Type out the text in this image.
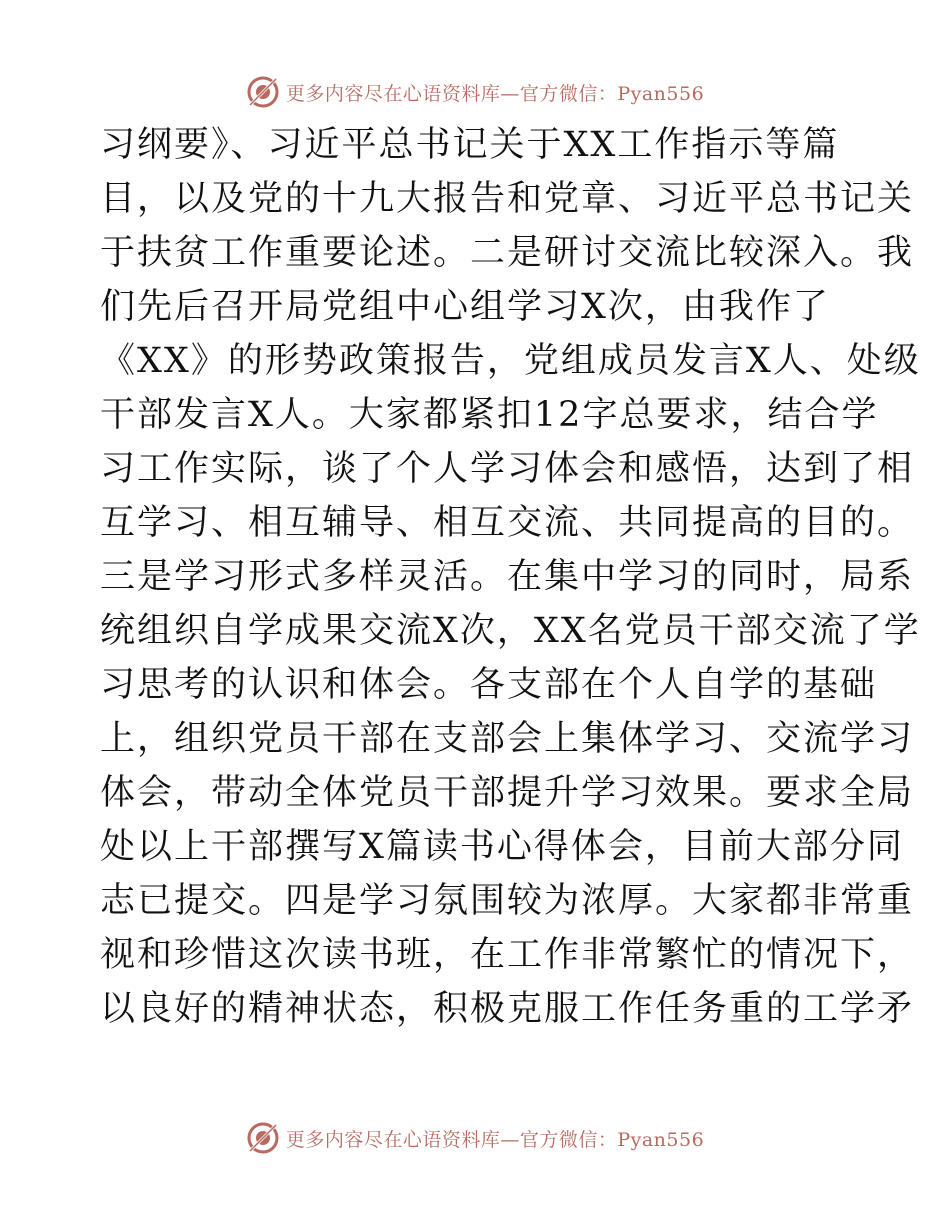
更多内容尽在心语资料库—官方微信：Pyan556
习纲要》、习近平总书记关于XX工作指示等篇
目，以及党的十九大报告和党章、习近平总书记关
于扶贫工作重要论述。二是研讨交流比较深入。我
们先后召开局党组中心组学习X次，由我作了
《XX》的形势政策报告，党组成员发言X人、处级
干部发言X人。大家都紧扣12字总要求，结合学
习工作实际，谈了个人学习体会和感悟，达到了相
互学习、相互辅导、相互交流、共同提高的目的。
三是学习形式多样灵活。在集中学习的同时，局系
统组织自学成果交流X次，XX名党员干部交流了学
习思考的认识和体会。各支部在个人自学的基础
上，组织党员干部在支部会上集体学习、交流学习
体会，带动全体党员干部提升学习效果。要求全局
处以上干部撰写X篇读书心得体会，目前大部分同
志已提交。四是学习氛围较为浓厚。大家都非常重
视和珍惜这次读书班，在工作非常繁忙的情况下，
以良好的精神状态，积极克服工作任务重的工学矛
更多内容尽在心语资料库—官方微信：Pyan556
